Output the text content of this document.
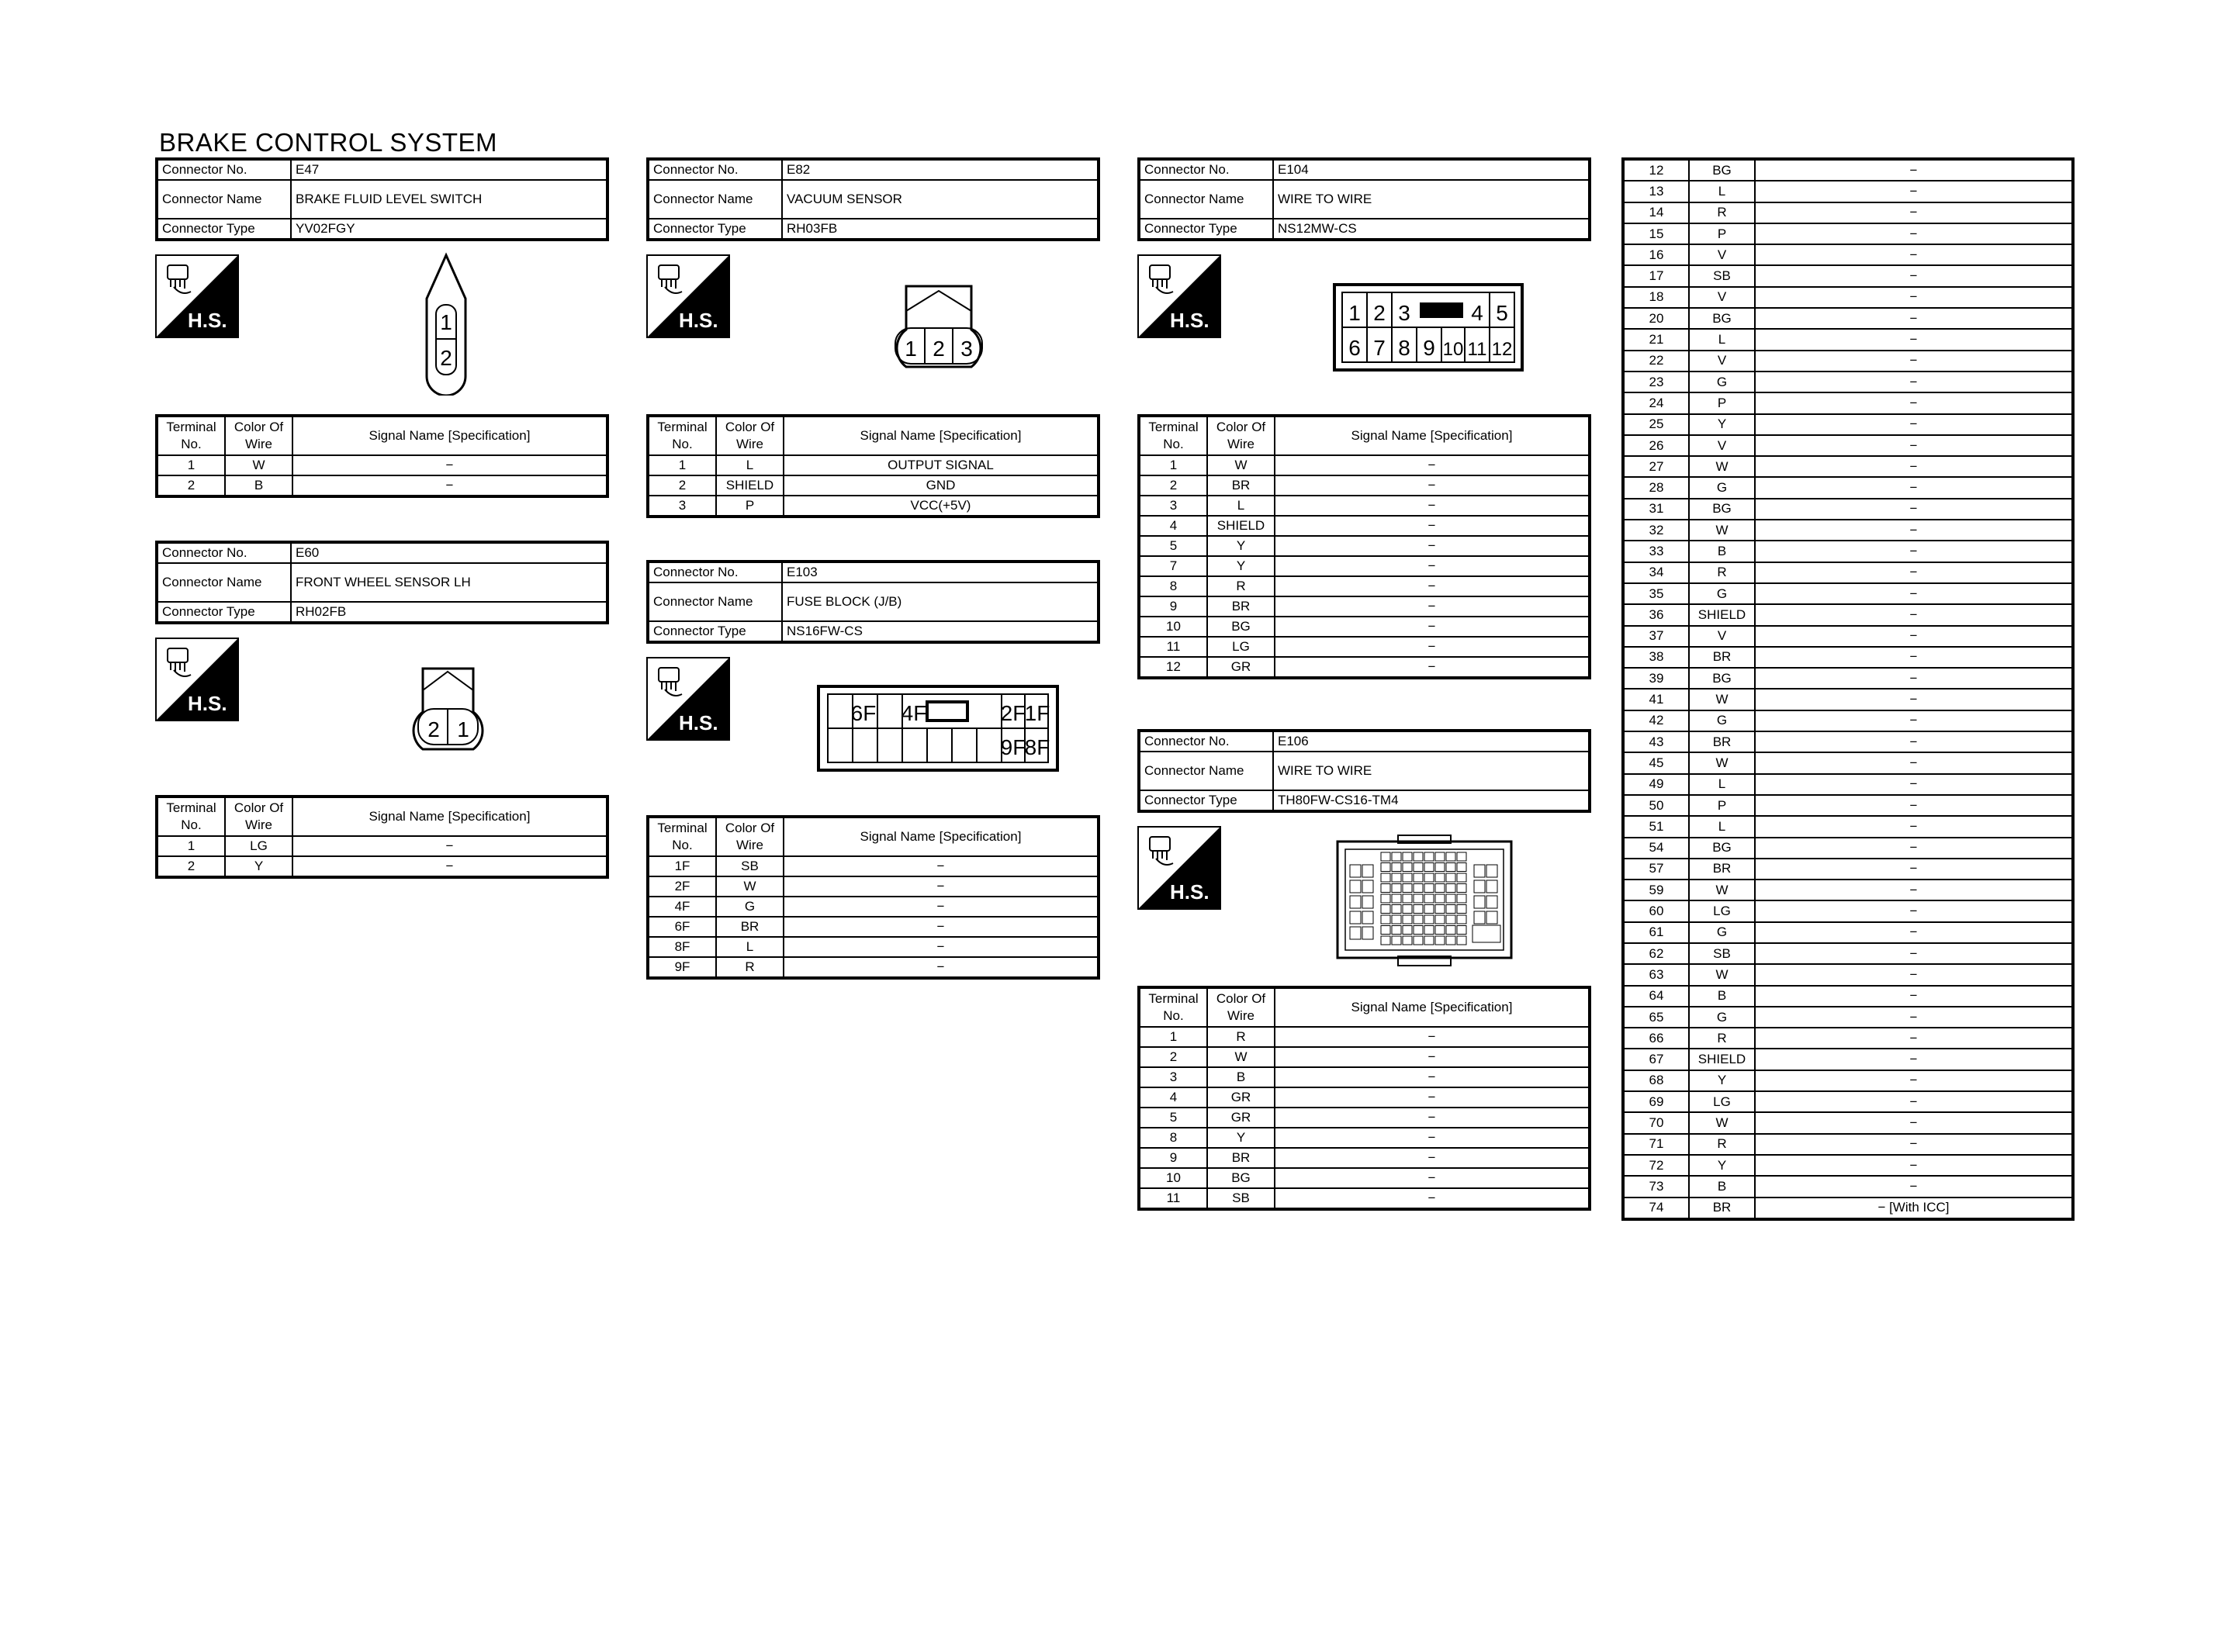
BRAKE CONTROL SYSTEM
Connector No.	E47
Connector Name	BRAKE FLUID LEVEL SWITCH
Connector Type	YV02FGY
H.S.	1
2
Terminal No.	Color Of Wire	Signal Name [Specification]
1	W	−
2	B	−
Connector No.	E60
Connector Name	FRONT WHEEL SENSOR LH
Connector Type	RH02FB
H.S.
2 1
Terminal No.	Color Of Wire	Signal Name [Specification]
1	LG	−
2	Y	−
Connector No.	E82
Connector Name	VACUUM SENSOR
Connector Type	RH03FB
H.S.
1 2 3
Terminal No.	Color Of Wire	Signal Name [Specification]
1	L	OUTPUT SIGNAL
2	SHIELD	GND
3	P	VCC(+5V)
Connector No.	E103
Connector Name	FUSE BLOCK (J/B)
Connector Type	NS16FW-CS
H.S.	6F 4F	2F
1F
9F
8F
Terminal No.	Color Of Wire	Signal Name [Specification]
1F	SB	−
2F	W	−
4F	G	−
6F	BR	−
8F	L	−
9F	R	−
Connector No.	E104
Connector Name	WIRE TO WIRE
Connector Type	NS12MW-CS
H.S.	1 2 3	4 5
6 7 8 9 10 11 12
Terminal No.	Color Of Wire	Signal Name [Specification]
1	W	−
2	BR	−
3	L	−
4	SHIELD	−
5	Y	−
7	Y	−
8	R	−
9	BR	−
10	BG	−
11	LG	−
12	GR	−
Connector No.	E106
Connector Name	WIRE TO WIRE
Connector Type	TH80FW-CS16-TM4
H.S.
Terminal No.	Color Of Wire	Signal Name [Specification]
1	R	−
2	W	−
3	B	−
4	GR	−
5	GR	−
8	Y	−
9	BR	−
10	BG	−
11	SB	−
12	BG	−
13	L	−
14	R	−
15	P	−
16	V	−
17	SB	−
18	V	−
20	BG	−
21	L	−
22	V	−
23	G	−
24	P	−
25	Y	−
26	V	−
27	W	−
28	G	−
31	BG	−
32	W	−
33	B	−
34	R	−
35	G	−
36	SHIELD	−
37	V	−
38	BR	−
39	BG	−
41	W	−
42	G	−
43	BR	−
45	W	−
49	L	−
50	P	−
51	L	−
54	BG	−
57	BR	−
59	W	−
60	LG	−
61	G	−
62	SB	−
63	W	−
64	B	−
65	G	−
66	R	−
67	SHIELD	−
68	Y	−
69	LG	−
70	W	−
71	R	−
72	Y	−
73	B	−
74	BR	− [With ICC]
